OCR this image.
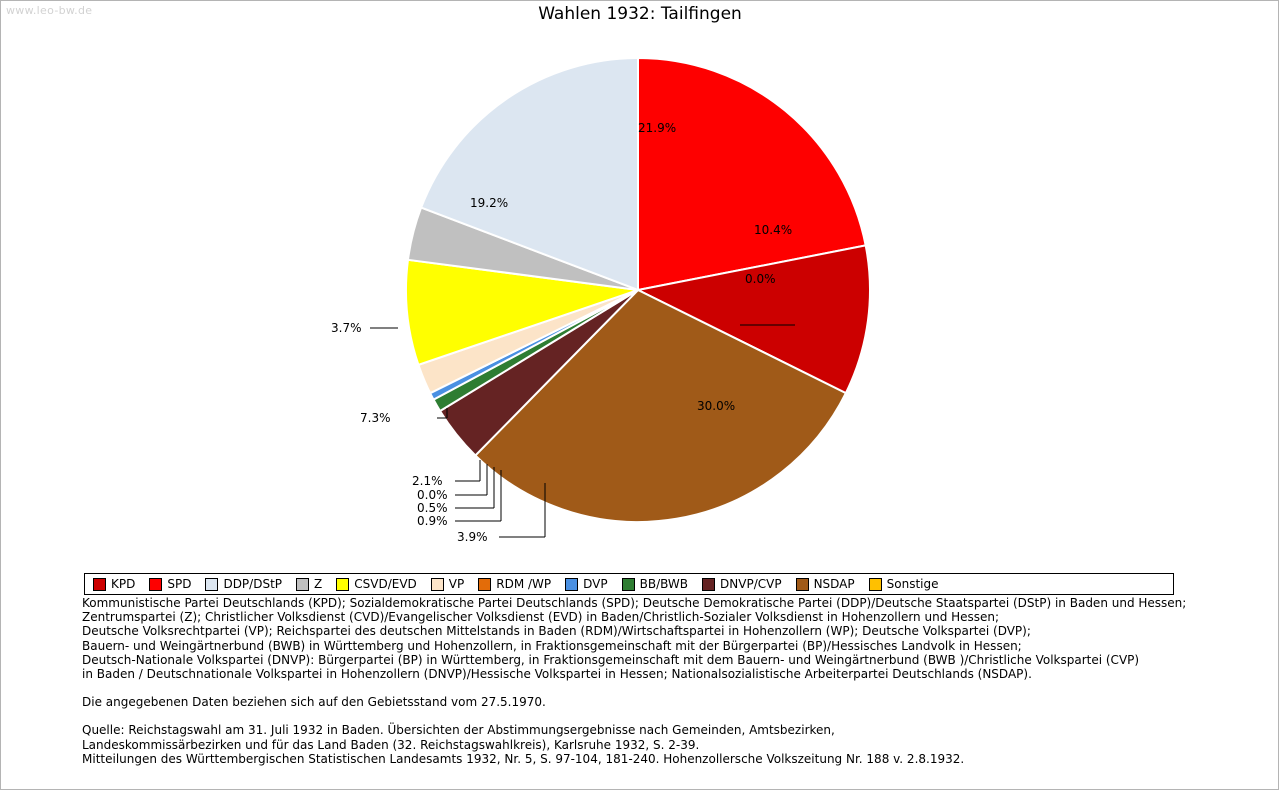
www.leo-bw.de	Wahlen 1932: Tailfingen
21.9%
10.4%
0.0%
30.0%
19.2%
3.7%
7.3%
2.1%
0.0%
0.5%
0.9%
3.9%
KPD	SPD	DDP/DStP	Z	CSVD/EVD	VP	RDM /WP	DVP	BB/BWB	DNVP/CVP	NSDAP	Sonstige
Kommunistische Partei Deutschlands (KPD); Sozialdemokratische Partei Deutschlands (SPD); Deutsche Demokratische Partei (DDP)/Deutsche Staatspartei (DStP) in Baden und Hessen;
Zentrumspartei (Z); Christlicher Volksdienst (CVD)/Evangelischer Volksdienst (EVD) in Baden/Christlich-Sozialer Volksdienst in Hohenzollern und Hessen;
Deutsche Volksrechtpartei (VP); Reichspartei des deutschen Mittelstands in Baden (RDM)/Wirtschaftspartei in Hohenzollern (WP); Deutsche Volkspartei (DVP);
Bauern- und Weingärtnerbund (BWB) in Württemberg und Hohenzollern, in Fraktionsgemeinschaft mit der Bürgerpartei (BP)/Hessisches Landvolk in Hessen;
Deutsch-Nationale Volkspartei (DNVP): Bürgerpartei (BP) in Württemberg, in Fraktionsgemeinschaft mit dem Bauern- und Weingärtnerbund (BWB )/Christliche Volkspartei (CVP)
in Baden / Deutschnationale Volkspartei in Hohenzollern (DNVP)/Hessische Volkspartei in Hessen; Nationalsozialistische Arbeiterpartei Deutschlands (NSDAP).
Die angegebenen Daten beziehen sich auf den Gebietsstand vom 27.5.1970.
Quelle: Reichstagswahl am 31. Juli 1932 in Baden. Übersichten der Abstimmungsergebnisse nach Gemeinden, Amtsbezirken,
Landeskommissärbezirken und für das Land Baden (32. Reichstagswahlkreis), Karlsruhe 1932, S. 2-39.
Mitteilungen des Württembergischen Statistischen Landesamts 1932, Nr. 5, S. 97-104, 181-240. Hohenzollersche Volkszeitung Nr. 188 v. 2.8.1932.
